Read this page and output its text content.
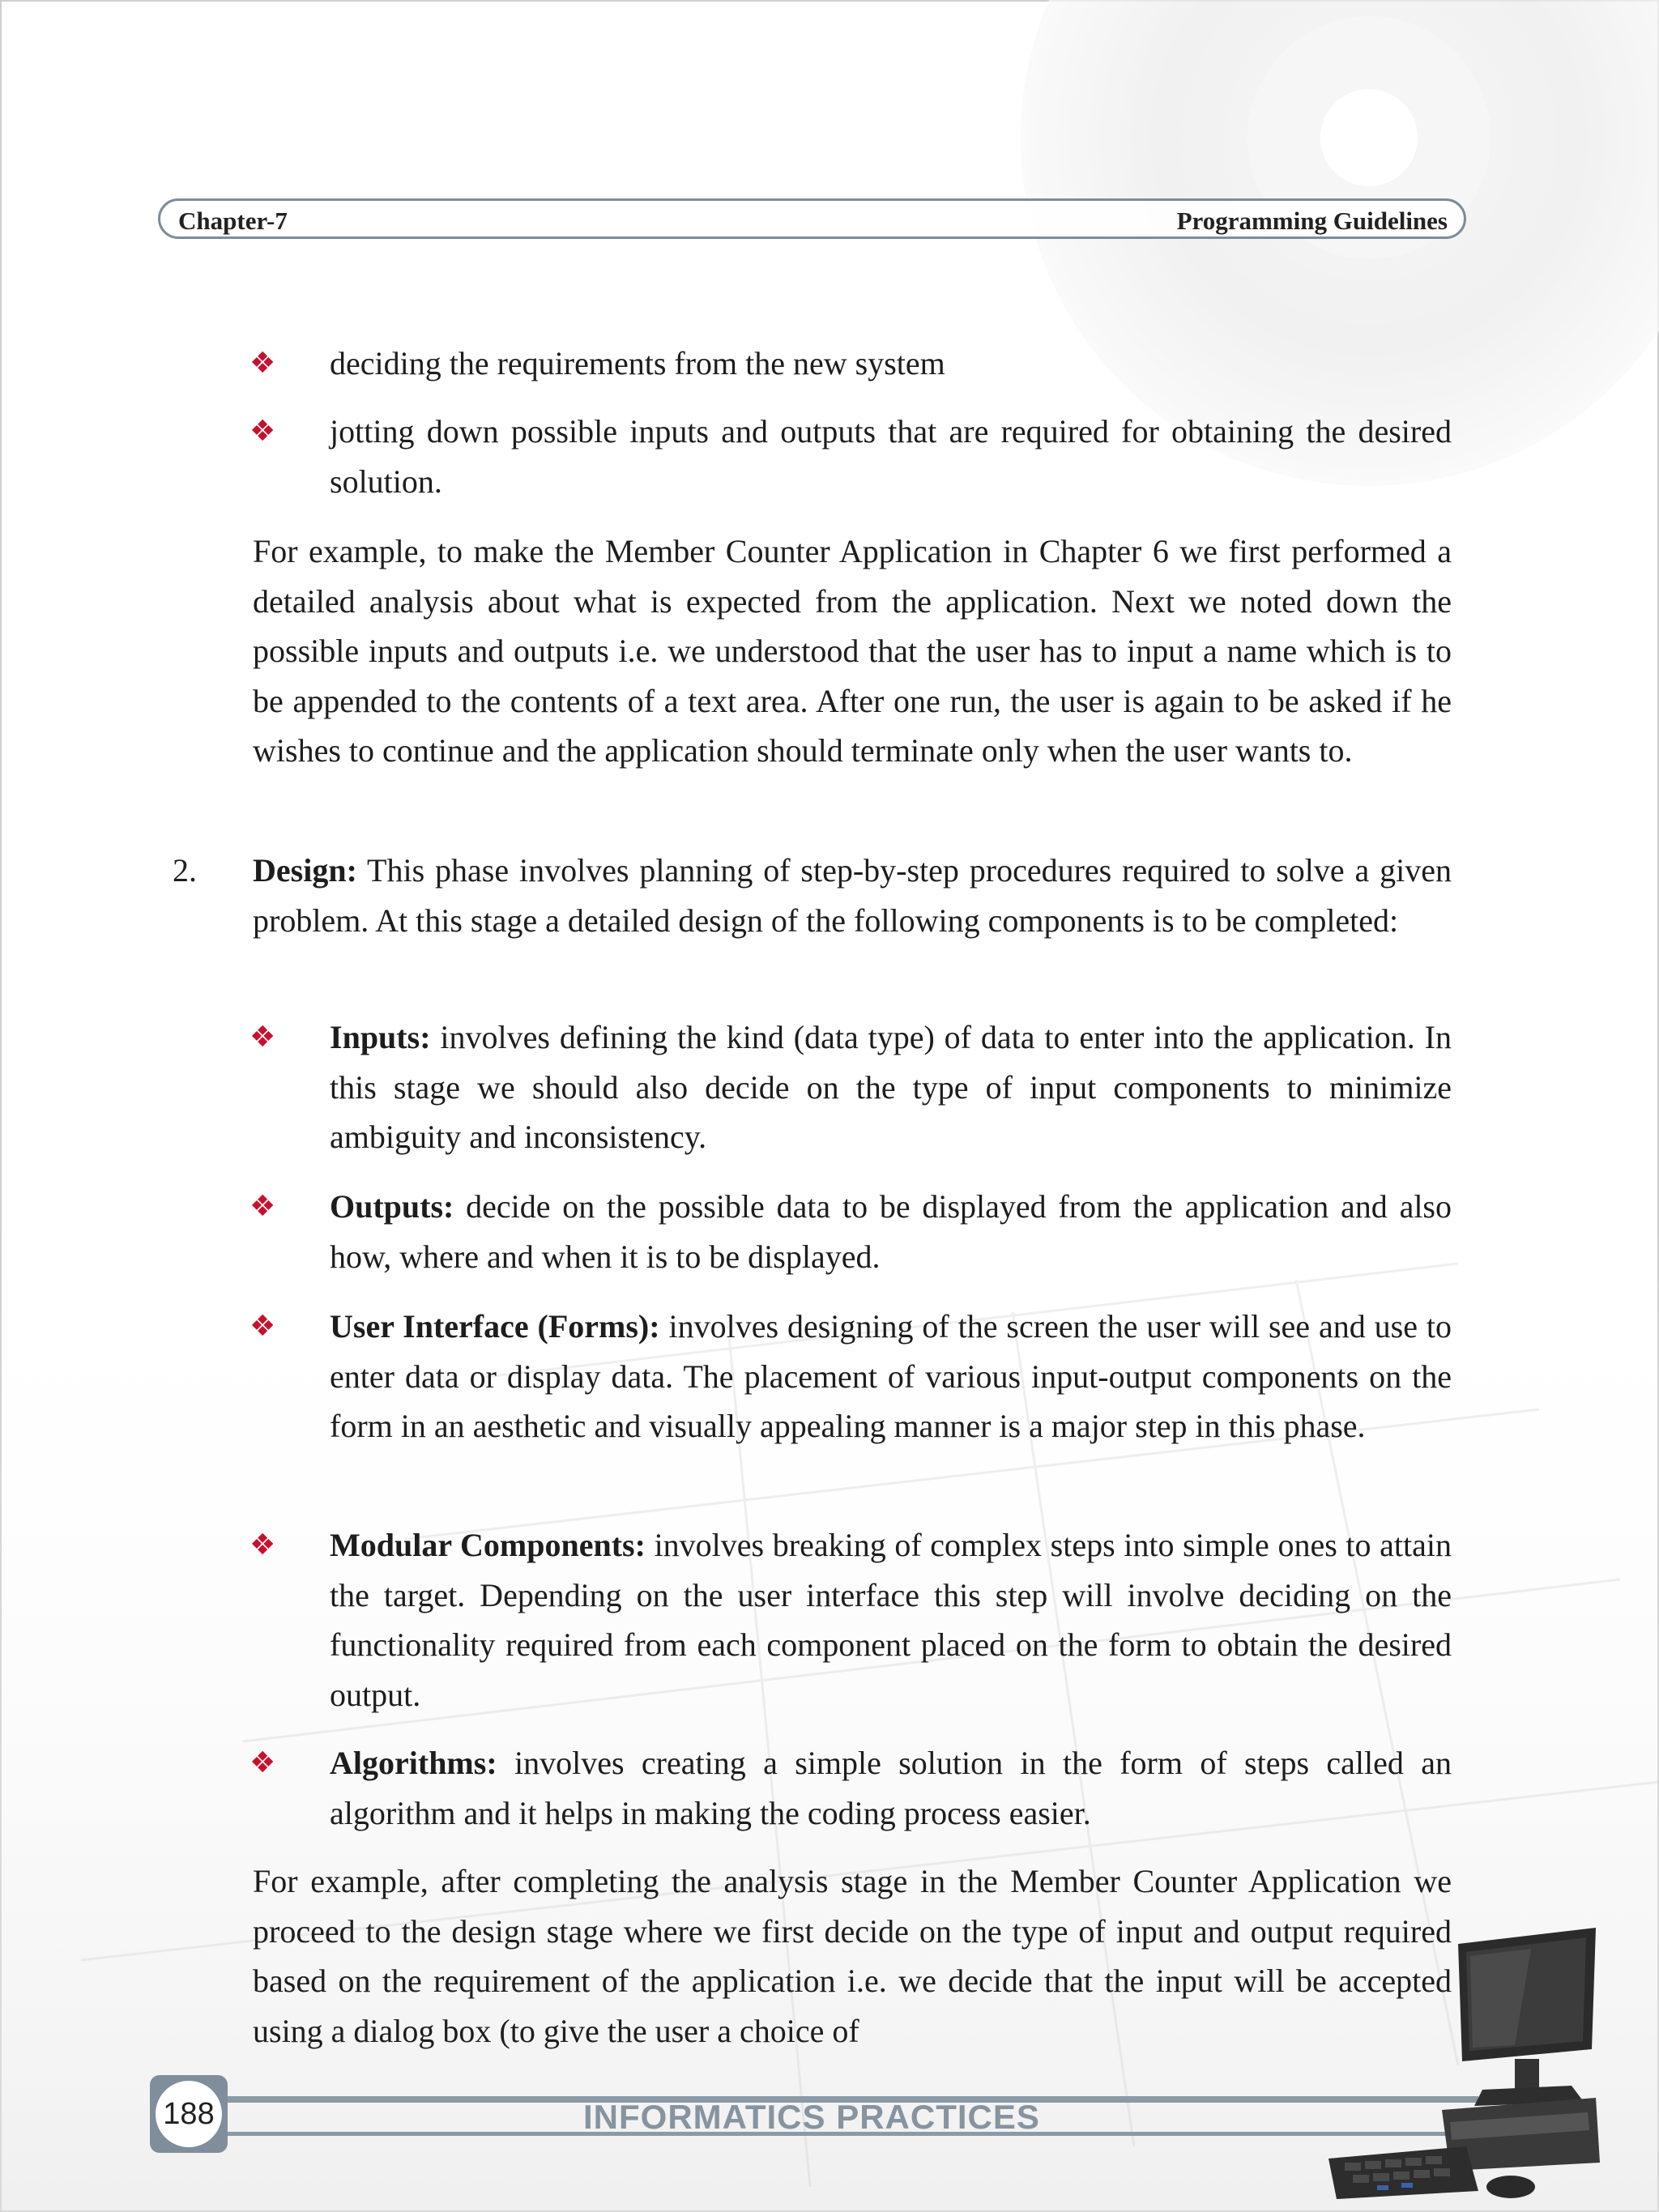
Chapter-7	Programming Guidelines
❖ deciding the requirements from the new system
❖ jotting down possible inputs and outputs that are required for obtaining the desired solution.
For example, to make the Member Counter Application in Chapter 6 we first performed a detailed analysis about what is expected from the application. Next we noted down the possible inputs and outputs i.e. we understood that the user has to input a name which is to be appended to the contents of a text area. After one run, the user is again to be asked if he wishes to continue and the application should terminate only when the user wants to.
2. Design: This phase involves planning of step-by-step procedures required to solve a given problem. At this stage a detailed design of the following components is to be completed:
❖ Inputs: involves defining the kind (data type) of data to enter into the application. In this stage we should also decide on the type of input components to minimize ambiguity and inconsistency.
❖ Outputs: decide on the possible data to be displayed from the application and also how, where and when it is to be displayed.
❖ User Interface (Forms): involves designing of the screen the user will see and use to enter data or display data. The placement of various input-output components on the form in an aesthetic and visually appealing manner is a major step in this phase.
❖ Modular Components: involves breaking of complex steps into simple ones to attain the target. Depending on the user interface this step will involve deciding on the functionality required from each component placed on the form to obtain the desired output.
❖ Algorithms: involves creating a simple solution in the form of steps called an algorithm and it helps in making the coding process easier.
For example, after completing the analysis stage in the Member Counter Application we proceed to the design stage where we first decide on the type of input and output required based on the requirement of the application i.e. we decide that the input will be accepted using a dialog box (to give the user a choice of
188	INFORMATICS PRACTICES
